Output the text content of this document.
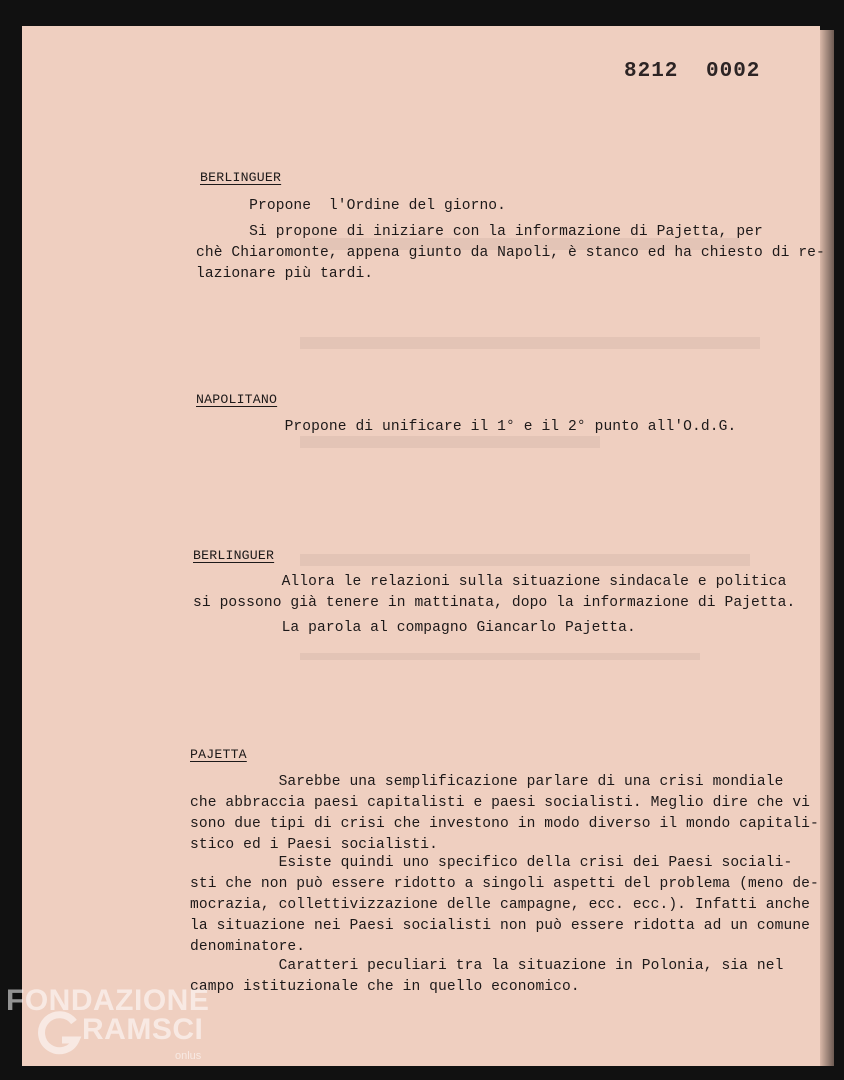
8212 0002
BERLINGUER
Propone  l'Ordine del giorno.
Si propone di iniziare con la informazione di Pajetta, per
chè Chiaromonte, appena giunto da Napoli, è stanco ed ha chiesto di re-
lazionare più tardi.
NAPOLITANO
Propone di unificare il 1° e il 2° punto all'O.d.G.
BERLINGUER
Allora le relazioni sulla situazione sindacale e politica
si possono già tenere in mattinata, dopo la informazione di Pajetta.
La parola al compagno Giancarlo Pajetta.
PAJETTA
Sarebbe una semplificazione parlare di una crisi mondiale
che abbraccia paesi capitalisti e paesi socialisti. Meglio dire che vi
sono due tipi di crisi che investono in modo diverso il mondo capitali-
stico ed i Paesi socialisti.
Esiste quindi uno specifico della crisi dei Paesi sociali-
sti che non può essere ridotto a singoli aspetti del problema (meno de-
mocrazia, collettivizzazione delle campagne, ecc. ecc.). Infatti anche
la situazione nei Paesi socialisti non può essere ridotta ad un comune
denominatore.
Caratteri peculiari tra la situazione in Polonia, sia nel
campo istituzionale che in quello economico.
FONDAZIONE
RAMSCI
onlus
